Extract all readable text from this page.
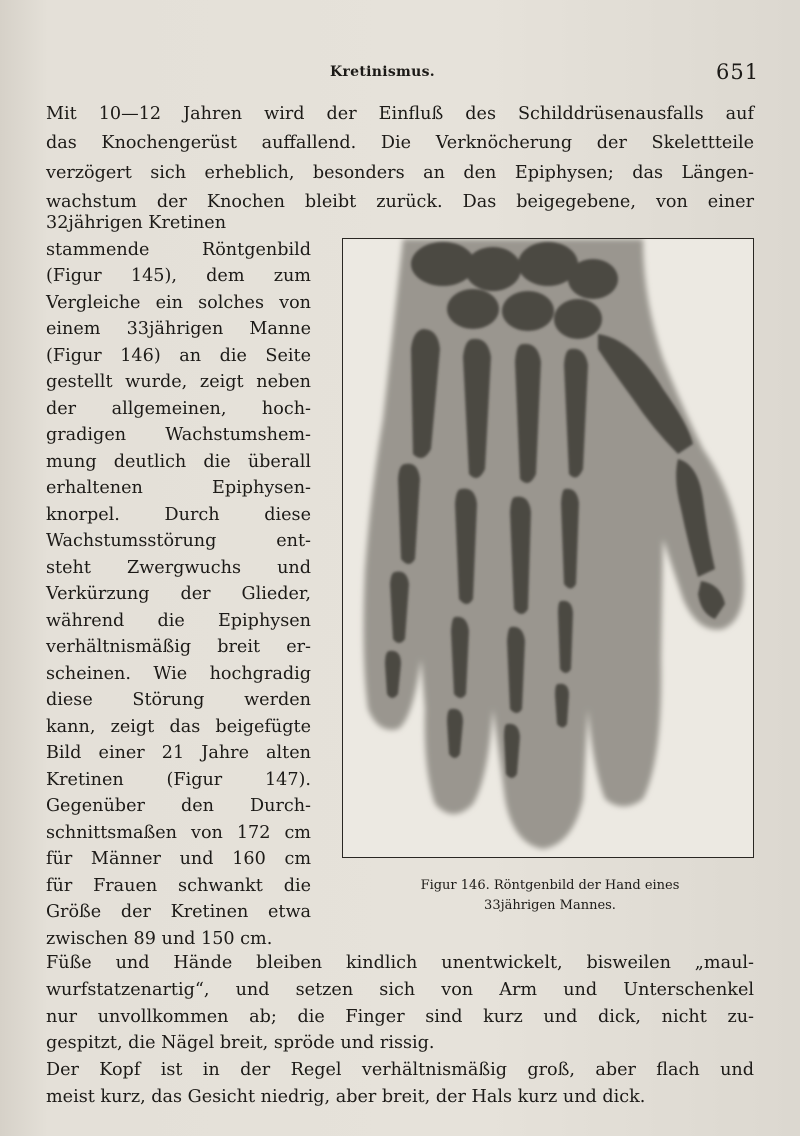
Kretinismus.	651
Mit 10—12 Jahren wird der Einfluß des Schilddrüsenausfalls auf
das Knochengerüst auffallend. Die Verknöcherung der Skelettteile
verzögert sich erheblich, besonders an den Epiphysen; das Längen-
wachstum der Knochen bleibt zurück. Das beigegebene, von einer
32jährigen Kretinen
stammende Röntgenbild
(Figur 145), dem zum
Vergleiche ein solches von
einem 33jährigen Manne
(Figur 146) an die Seite
gestellt wurde, zeigt neben
der allgemeinen, hoch-
gradigen Wachstumshem-
mung deutlich die überall
erhaltenen Epiphysen-
knorpel. Durch diese
Wachstumsstörung ent-
steht Zwergwuchs und
Verkürzung der Glieder,
während die Epiphysen
verhältnismäßig breit er-
scheinen. Wie hochgradig
diese Störung werden
kann, zeigt das beigefügte
Bild einer 21 Jahre alten
Kretinen (Figur 147).
Gegenüber den Durch-
schnittsmaßen von 172 cm
für Männer und 160 cm
für Frauen schwankt die
Größe der Kretinen etwa
zwischen 89 und 150 cm.
Füße und Hände bleiben kindlich unentwickelt, bisweilen „maul-
wurfstatzenartig“, und setzen sich von Arm und Unterschenkel
nur unvollkommen ab; die Finger sind kurz und dick, nicht zu-
gespitzt, die Nägel breit, spröde und rissig.
Der Kopf ist in der Regel verhältnismäßig groß, aber flach und
meist kurz, das Gesicht niedrig, aber breit, der Hals kurz und dick.
Figur 146. Röntgenbild der Hand eines
33jährigen Mannes.
